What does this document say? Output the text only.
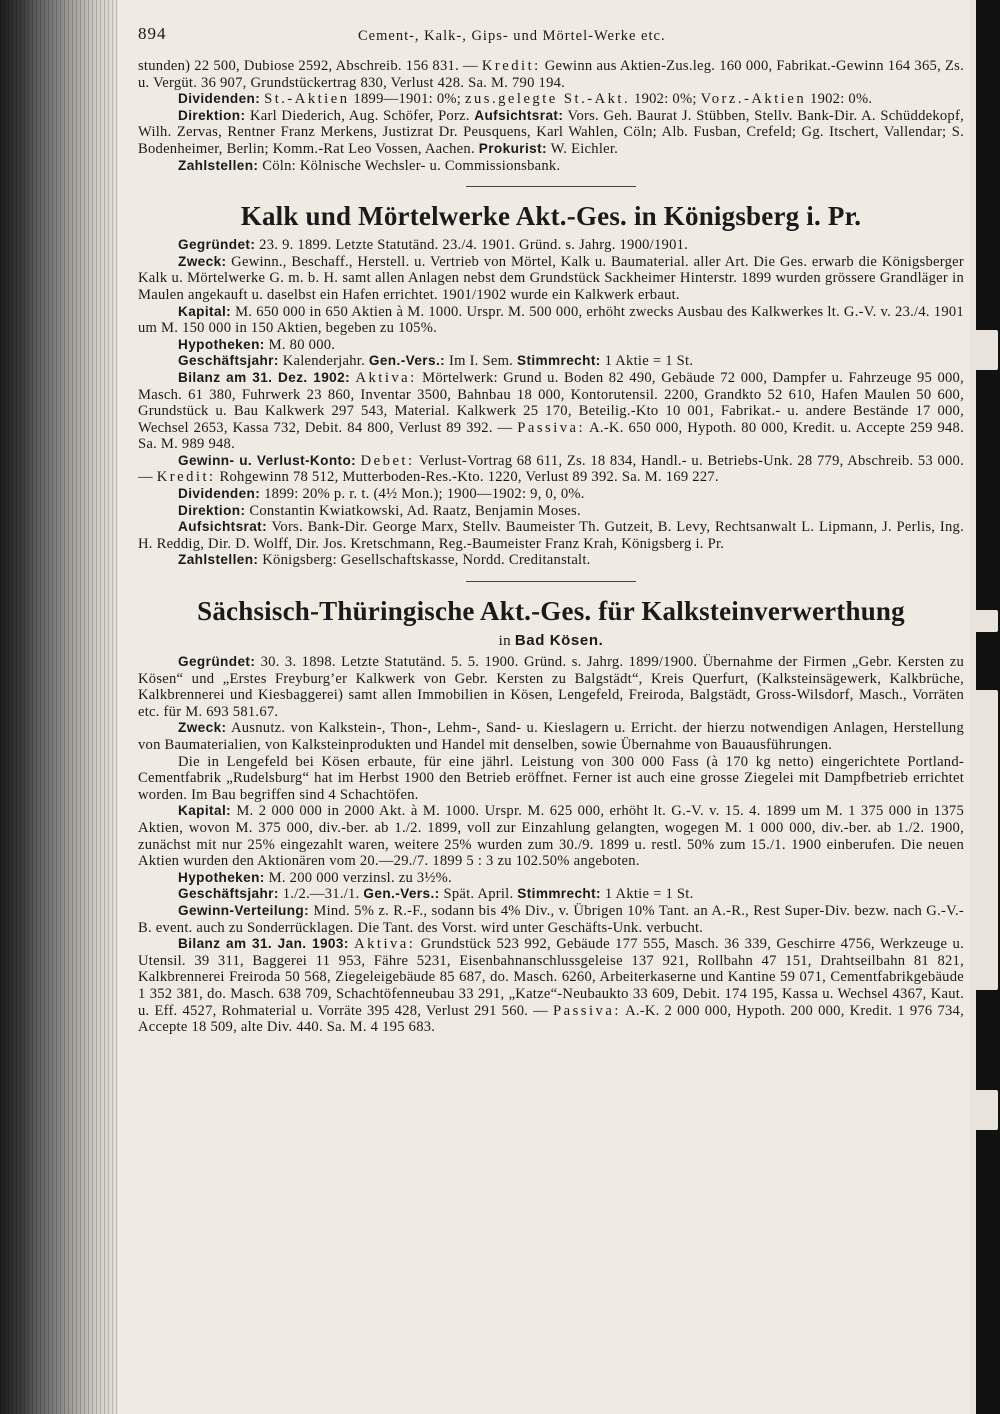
894	Cement-, Kalk-, Gips- und Mörtel-Werke etc.

stunden) 22 500, Dubiose 2592, Abschreib. 156 831. — Kredit: Gewinn aus Aktien-Zus.leg. 160 000, Fabrikat.-Gewinn 164 365, Zs. u. Vergüt. 36 907, Grundstückertrag 830, Verlust 428. Sa. M. 790 194.

Dividenden: St.-Aktien 1899—1901: 0%; zus.gelegte St.-Akt. 1902: 0%; Vorz.-Aktien 1902: 0%.

Direktion: Karl Diederich, Aug. Schöfer, Porz. Aufsichtsrat: Vors. Geh. Baurat J. Stübben, Stellv. Bank-Dir. A. Schüddekopf, Wilh. Zervas, Rentner Franz Merkens, Justizrat Dr. Peusquens, Karl Wahlen, Cöln; Alb. Fusban, Crefeld; Gg. Itschert, Vallendar; S. Bodenheimer, Berlin; Komm.-Rat Leo Vossen, Aachen. Prokurist: W. Eichler.

Zahlstellen: Cöln: Kölnische Wechsler- u. Commissionsbank.

Kalk und Mörtelwerke Akt.-Ges. in Königsberg i. Pr.

Gegründet: 23. 9. 1899. Letzte Statutänd. 23./4. 1901. Gründ. s. Jahrg. 1900/1901.

Zweck: Gewinn., Beschaff., Herstell. u. Vertrieb von Mörtel, Kalk u. Baumaterial. aller Art. Die Ges. erwarb die Königsberger Kalk u. Mörtelwerke G. m. b. H. samt allen Anlagen nebst dem Grundstück Sackheimer Hinterstr. 1899 wurden grössere Grandläger in Maulen angekauft u. daselbst ein Hafen errichtet. 1901/1902 wurde ein Kalkwerk erbaut.

Kapital: M. 650 000 in 650 Aktien à M. 1000. Urspr. M. 500 000, erhöht zwecks Ausbau des Kalkwerkes lt. G.-V. v. 23./4. 1901 um M. 150 000 in 150 Aktien, begeben zu 105%.

Hypotheken: M. 80 000.

Geschäftsjahr: Kalenderjahr. Gen.-Vers.: Im I. Sem. Stimmrecht: 1 Aktie = 1 St.

Bilanz am 31. Dez. 1902: Aktiva: Mörtelwerk: Grund u. Boden 82 490, Gebäude 72 000, Dampfer u. Fahrzeuge 95 000, Masch. 61 380, Fuhrwerk 23 860, Inventar 3500, Bahnbau 18 000, Kontorutensil. 2200, Grandkto 52 610, Hafen Maulen 50 600, Grundstück u. Bau Kalkwerk 297 543, Material. Kalkwerk 25 170, Beteilig.-Kto 10 001, Fabrikat.- u. andere Bestände 17 000, Wechsel 2653, Kassa 732, Debit. 84 800, Verlust 89 392. — Passiva: A.-K. 650 000, Hypoth. 80 000, Kredit. u. Accepte 259 948. Sa. M. 989 948.

Gewinn- u. Verlust-Konto: Debet: Verlust-Vortrag 68 611, Zs. 18 834, Handl.- u. Betriebs-Unk. 28 779, Abschreib. 53 000. — Kredit: Rohgewinn 78 512, Mutterboden-Res.-Kto. 1220, Verlust 89 392. Sa. M. 169 227.

Dividenden: 1899: 20% p. r. t. (4½ Mon.); 1900—1902: 9, 0, 0%.

Direktion: Constantin Kwiatkowski, Ad. Raatz, Benjamin Moses.

Aufsichtsrat: Vors. Bank-Dir. George Marx, Stellv. Baumeister Th. Gutzeit, B. Levy, Rechtsanwalt L. Lipmann, J. Perlis, Ing. H. Reddig, Dir. D. Wolff, Dir. Jos. Kretschmann, Reg.-Baumeister Franz Krah, Königsberg i. Pr.

Zahlstellen: Königsberg: Gesellschaftskasse, Nordd. Creditanstalt.

Sächsisch-Thüringische Akt.-Ges. für Kalksteinverwerthung
in Bad Kösen.

Gegründet: 30. 3. 1898. Letzte Statutänd. 5. 5. 1900. Gründ. s. Jahrg. 1899/1900. Übernahme der Firmen „Gebr. Kersten zu Kösen“ und „Erstes Freyburg’er Kalkwerk von Gebr. Kersten zu Balgstädt“, Kreis Querfurt, (Kalksteinsägewerk, Kalkbrüche, Kalkbrennerei und Kiesbaggerei) samt allen Immobilien in Kösen, Lengefeld, Freiroda, Balgstädt, Gross-Wilsdorf, Masch., Vorräten etc. für M. 693 581.67.

Zweck: Ausnutz. von Kalkstein-, Thon-, Lehm-, Sand- u. Kieslagern u. Erricht. der hierzu notwendigen Anlagen, Herstellung von Baumaterialien, von Kalksteinprodukten und Handel mit denselben, sowie Übernahme von Bauausführungen.

Die in Lengefeld bei Kösen erbaute, für eine jährl. Leistung von 300 000 Fass (à 170 kg netto) eingerichtete Portland-Cementfabrik „Rudelsburg“ hat im Herbst 1900 den Betrieb eröffnet. Ferner ist auch eine grosse Ziegelei mit Dampfbetrieb errichtet worden. Im Bau begriffen sind 4 Schachtöfen.

Kapital: M. 2 000 000 in 2000 Akt. à M. 1000. Urspr. M. 625 000, erhöht lt. G.-V. v. 15. 4. 1899 um M. 1 375 000 in 1375 Aktien, wovon M. 375 000, div.-ber. ab 1./2. 1899, voll zur Einzahlung gelangten, wogegen M. 1 000 000, div.-ber. ab 1./2. 1900, zunächst mit nur 25% eingezahlt waren, weitere 25% wurden zum 30./9. 1899 u. restl. 50% zum 15./1. 1900 einberufen. Die neuen Aktien wurden den Aktionären vom 20.—29./7. 1899 5 : 3 zu 102.50% angeboten.

Hypotheken: M. 200 000 verzinsl. zu 3½%.

Geschäftsjahr: 1./2.—31./1. Gen.-Vers.: Spät. April. Stimmrecht: 1 Aktie = 1 St.

Gewinn-Verteilung: Mind. 5% z. R.-F., sodann bis 4% Div., v. Übrigen 10% Tant. an A.-R., Rest Super-Div. bezw. nach G.-V.-B. event. auch zu Sonderrücklagen. Die Tant. des Vorst. wird unter Geschäfts-Unk. verbucht.

Bilanz am 31. Jan. 1903: Aktiva: Grundstück 523 992, Gebäude 177 555, Masch. 36 339, Geschirre 4756, Werkzeuge u. Utensil. 39 311, Baggerei 11 953, Fähre 5231, Eisenbahnanschlussgeleise 137 921, Rollbahn 47 151, Drahtseilbahn 81 821, Kalkbrennerei Freiroda 50 568, Ziegeleigebäude 85 687, do. Masch. 6260, Arbeiterkaserne und Kantine 59 071, Cementfabrikgebäude 1 352 381, do. Masch. 638 709, Schachtöfenneubau 33 291, „Katze“-Neubaukto 33 609, Debit. 174 195, Kassa u. Wechsel 4367, Kaut. u. Eff. 4527, Rohmaterial u. Vorräte 395 428, Verlust 291 560. — Passiva: A.-K. 2 000 000, Hypoth. 200 000, Kredit. 1 976 734, Accepte 18 509, alte Div. 440. Sa. M. 4 195 683.
